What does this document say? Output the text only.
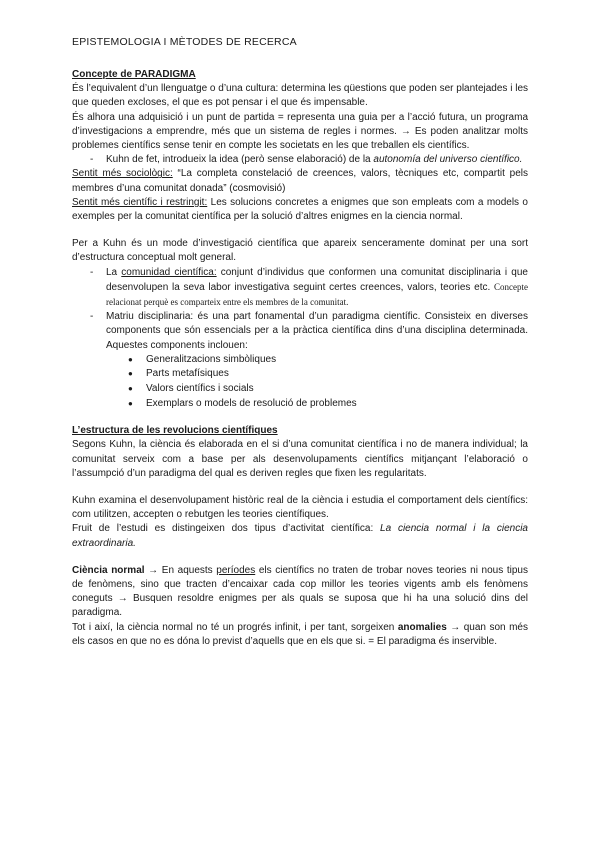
EPISTEMOLOGIA I MÈTODES DE RECERCA
Concepte de PARADIGMA

És l’equivalent d’un llenguatge o d’una cultura: determina les qüestions que poden ser plantejades i les que queden excloses, el que es pot pensar i el que és impensable.

És alhora una adquisició i un punt de partida = representa una guia per a l’acció futura, un programa d’investigacions a emprendre, més que un sistema de regles i normes. → Es poden analitzar molts problemes científics sense tenir en compte les societats en les que treballen els científics.

- Kuhn de fet, introdueix la idea (però sense elaboració) de la autonomía del universo científico.

Sentit més sociològic: “La completa constelació de creences, valors, tècniques etc, compartit pels membres d’una comunitat donada” (cosmovisió)

Sentit més científic i restringit: Les solucions concretes a enigmes que son empleats com a models o exemples per la comunitat científica per la solució d’altres enigmes en la ciencia normal.

Per a Kuhn és un mode d’investigació científica que apareix senceramente dominat per una sort d’estructura conceptual molt general.

- La comunidad científica: conjunt d’individus que conformen una comunitat disciplinaria i que desenvolupen la seva labor investigativa seguint certes creences, valors, teories etc. Concepte relacionat perquè es comparteix entre els membres de la comunitat.
- Matriu disciplinaria: és una part fonamental d’un paradigma científic. Consisteix en diverses components que són essencials per a la pràctica científica dins d’una disciplina determinada. Aquestes components inclouen:
● Generalitzacions simbòliques
● Parts metafísiques
● Valors científics i socials
● Exemplars o models de resolució de problemes
L’estructura de les revolucions científiques

Segons Kuhn, la ciència és elaborada en el si d’una comunitat científica i no de manera individual; la comunitat serveix com a base per als desenvolupaments científics mitjançant l’elaboració o l’assumpció d’un paradigma del qual es deriven regles que fixen les regularitats.

Kuhn examina el desenvolupament històric real de la ciència i estudia el comportament dels científics: com utilitzen, accepten o rebutgen les teories científiques.

Fruit de l’estudi es distingeixen dos tipus d’activitat científica: La ciencia normal i la ciencia extraordinaria.

Ciència normal → En aquests períodes els científics no traten de trobar noves teories ni nous tipus de fenòmens, sino que tracten d’encaixar cada cop millor les teories vigents amb els fenòmens coneguts → Busquen resoldre enigmes per als quals se suposa que hi ha una solució dins del paradigma.

Tot i així, la ciència normal no té un progrés infinit, i per tant, sorgeixen anomalies → quan son més els casos en que no es dóna lo previst d’aquells que en els que si. = El paradigma és inservible.
